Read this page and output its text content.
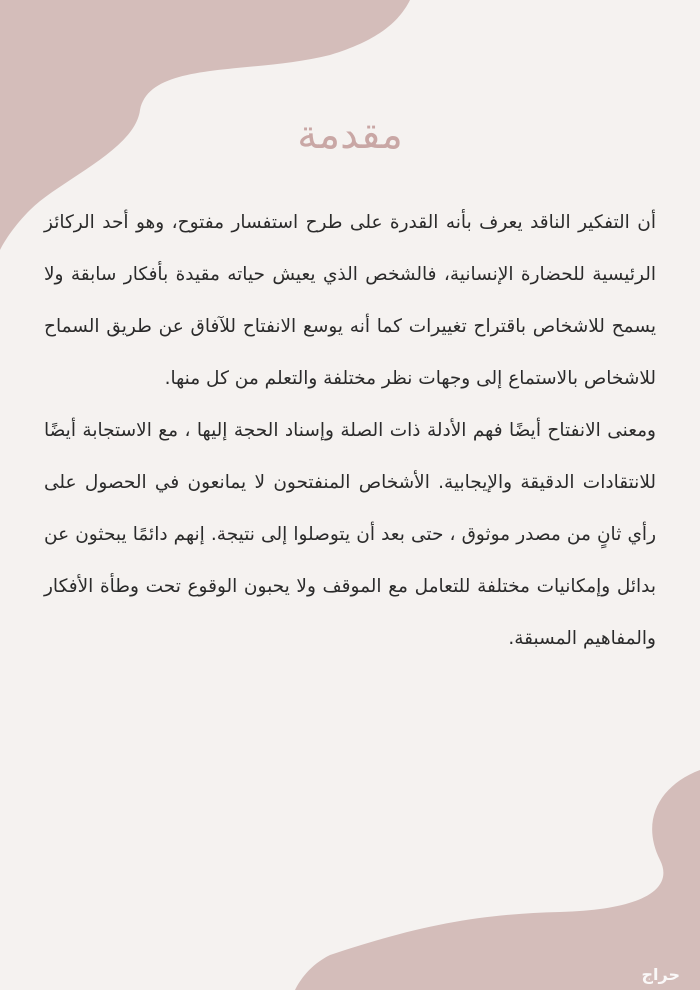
مقدمة

أن التفكير الناقد يعرف بأنه القدرة على طرح استفسار مفتوح، وهو أحد الركائز الرئيسية للحضارة الإنسانية، فالشخص الذي يعيش حياته مقيدة بأفكار سابقة ولا يسمح للاشخاص باقتراح تغييرات كما أنه يوسع الانفتاح للآفاق عن طريق السماح للاشخاص بالاستماع إلى وجهات نظر مختلفة والتعلم من كل منها.

ومعنى الانفتاح أيضًا فهم الأدلة ذات الصلة وإسناد الحجة إليها ، مع الاستجابة أيضًا للانتقادات الدقيقة والإيجابية. الأشخاص المنفتحون لا يمانعون في الحصول على رأي ثانٍ من مصدر موثوق ، حتى بعد أن يتوصلوا إلى نتيجة. إنهم دائمًا يبحثون عن بدائل وإمكانيات مختلفة للتعامل مع الموقف ولا يحبون الوقوع تحت وطأة الأفكار والمفاهيم المسبقة.

حراج
